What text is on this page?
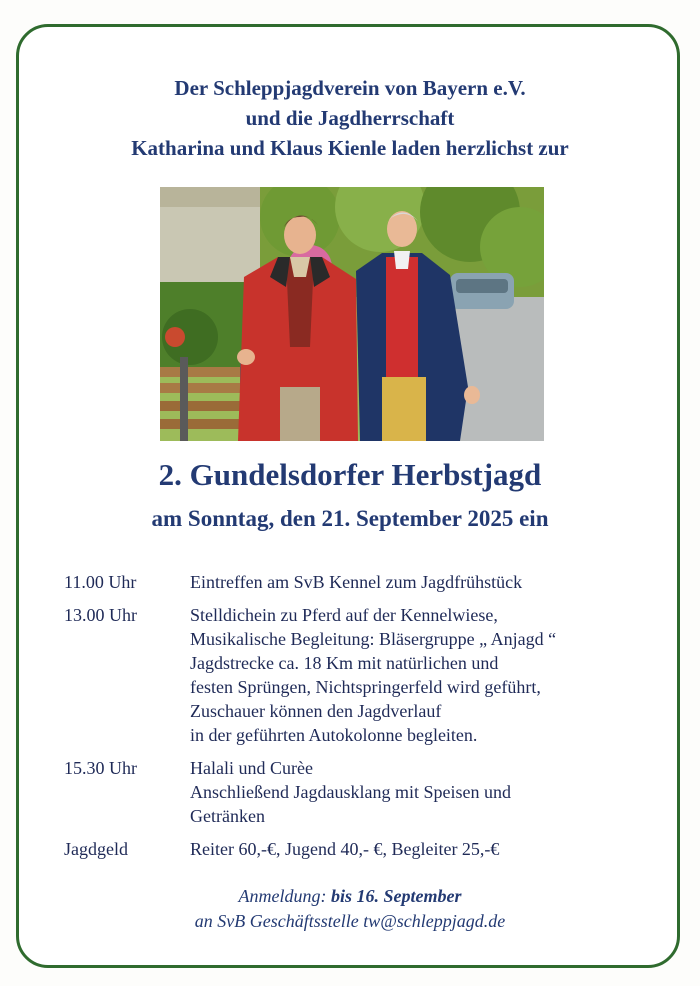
Der Schleppjagdverein von Bayern e.V.
und die Jagdherrschaft
Katharina und Klaus Kienle laden herzlichst zur
2. Gundelsdorfer Herbstjagd
am Sonntag, den 21. September 2025 ein
11.00 Uhr	Eintreffen am SvB Kennel zum Jagdfrühstück
13.00 Uhr	Stelldichein zu Pferd auf der Kennelwiese,
Musikalische Begleitung: Bläsergruppe „ Anjagd “
Jagdstrecke ca. 18 Km mit natürlichen und
festen Sprüngen, Nichtspringerfeld wird geführt,
Zuschauer können den Jagdverlauf
in der geführten Autokolonne begleiten.
15.30 Uhr	Halali und Curèe
Anschließend Jagdausklang mit Speisen und
Getränken
Jagdgeld	Reiter 60,-€, Jugend 40,- €, Begleiter 25,-€
Anmeldung: bis 16. September
an SvB Geschäftsstelle tw@schleppjagd.de
